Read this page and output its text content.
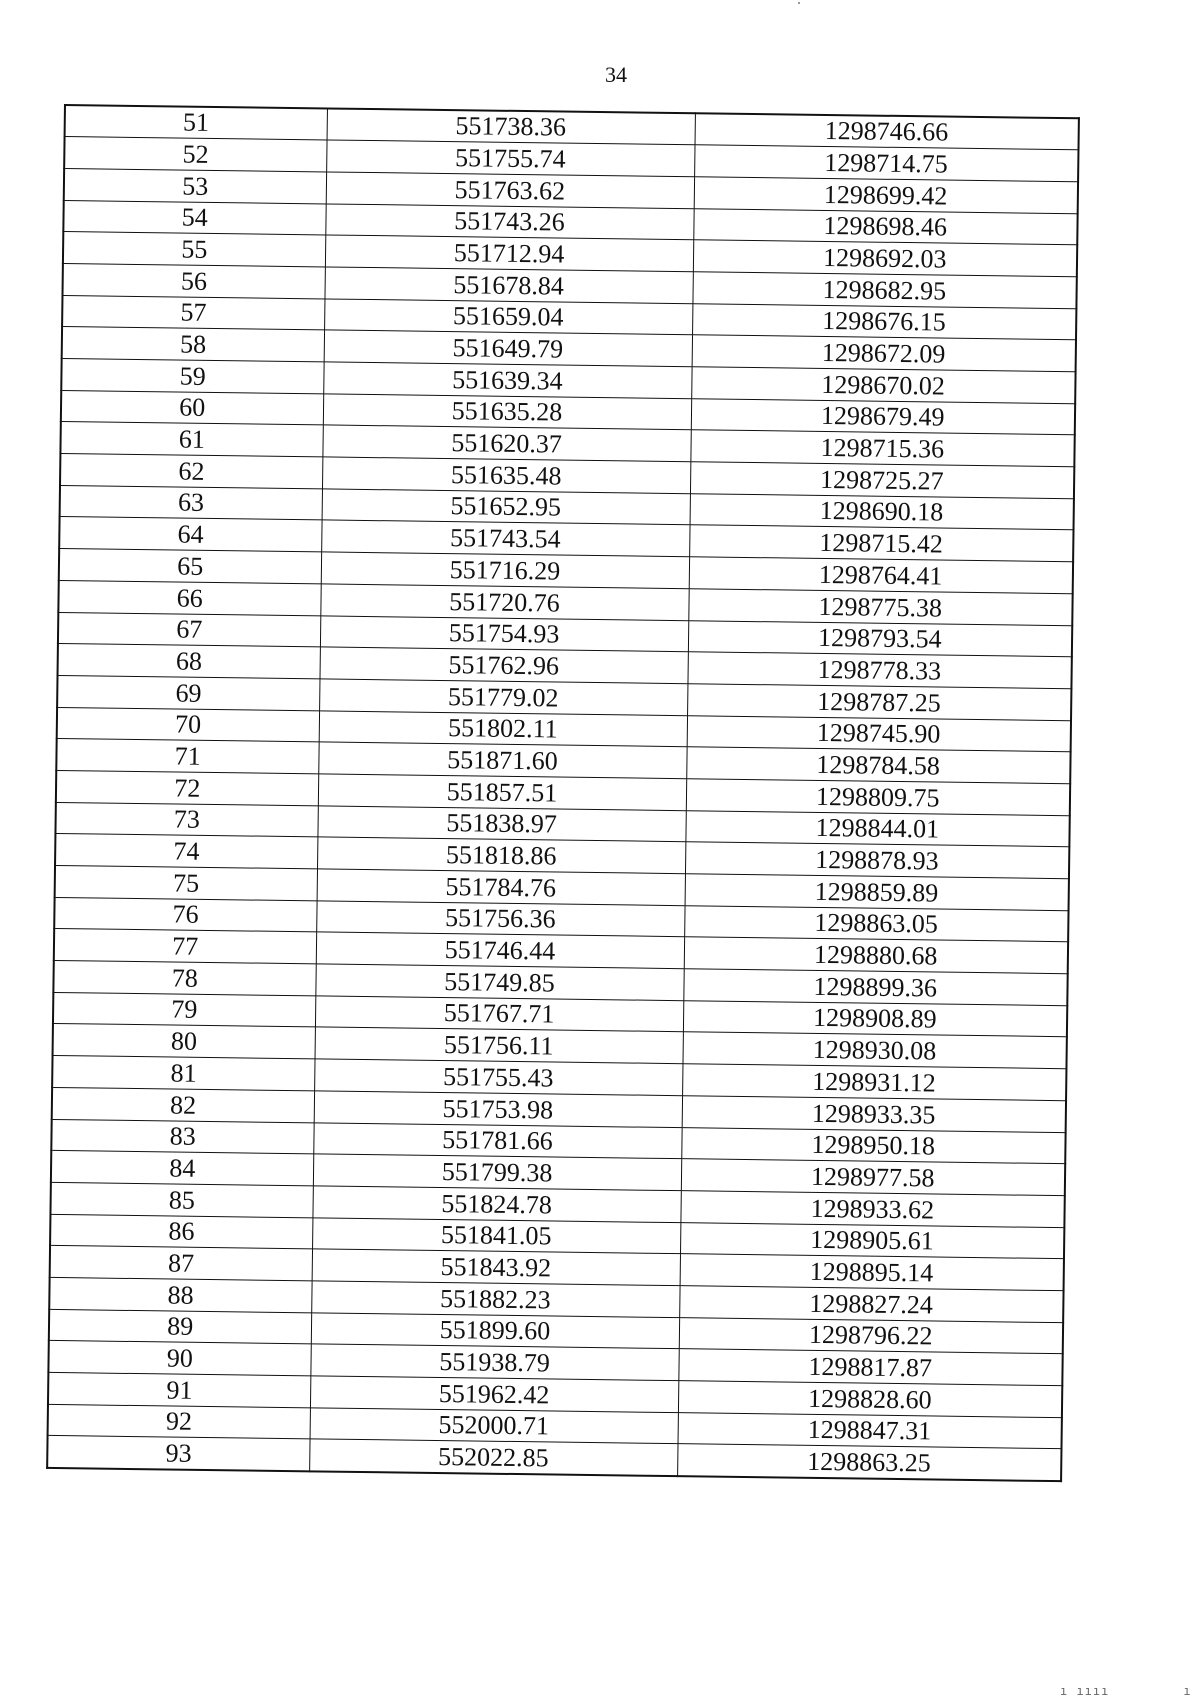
34
51	551738.36	1298746.66
52	551755.74	1298714.75
53	551763.62	1298699.42
54	551743.26	1298698.46
55	551712.94	1298692.03
56	551678.84	1298682.95
57	551659.04	1298676.15
58	551649.79	1298672.09
59	551639.34	1298670.02
60	551635.28	1298679.49
61	551620.37	1298715.36
62	551635.48	1298725.27
63	551652.95	1298690.18
64	551743.54	1298715.42
65	551716.29	1298764.41
66	551720.76	1298775.38
67	551754.93	1298793.54
68	551762.96	1298778.33
69	551779.02	1298787.25
70	551802.11	1298745.90
71	551871.60	1298784.58
72	551857.51	1298809.75
73	551838.97	1298844.01
74	551818.86	1298878.93
75	551784.76	1298859.89
76	551756.36	1298863.05
77	551746.44	1298880.68
78	551749.85	1298899.36
79	551767.71	1298908.89
80	551756.11	1298930.08
81	551755.43	1298931.12
82	551753.98	1298933.35
83	551781.66	1298950.18
84	551799.38	1298977.58
85	551824.78	1298933.62
86	551841.05	1298905.61
87	551843.92	1298895.14
88	551882.23	1298827.24
89	551899.60	1298796.22
90	551938.79	1298817.87
91	551962.42	1298828.60
92	552000.71	1298847.31
93	552022.85	1298863.25
ı ıııı         ı
